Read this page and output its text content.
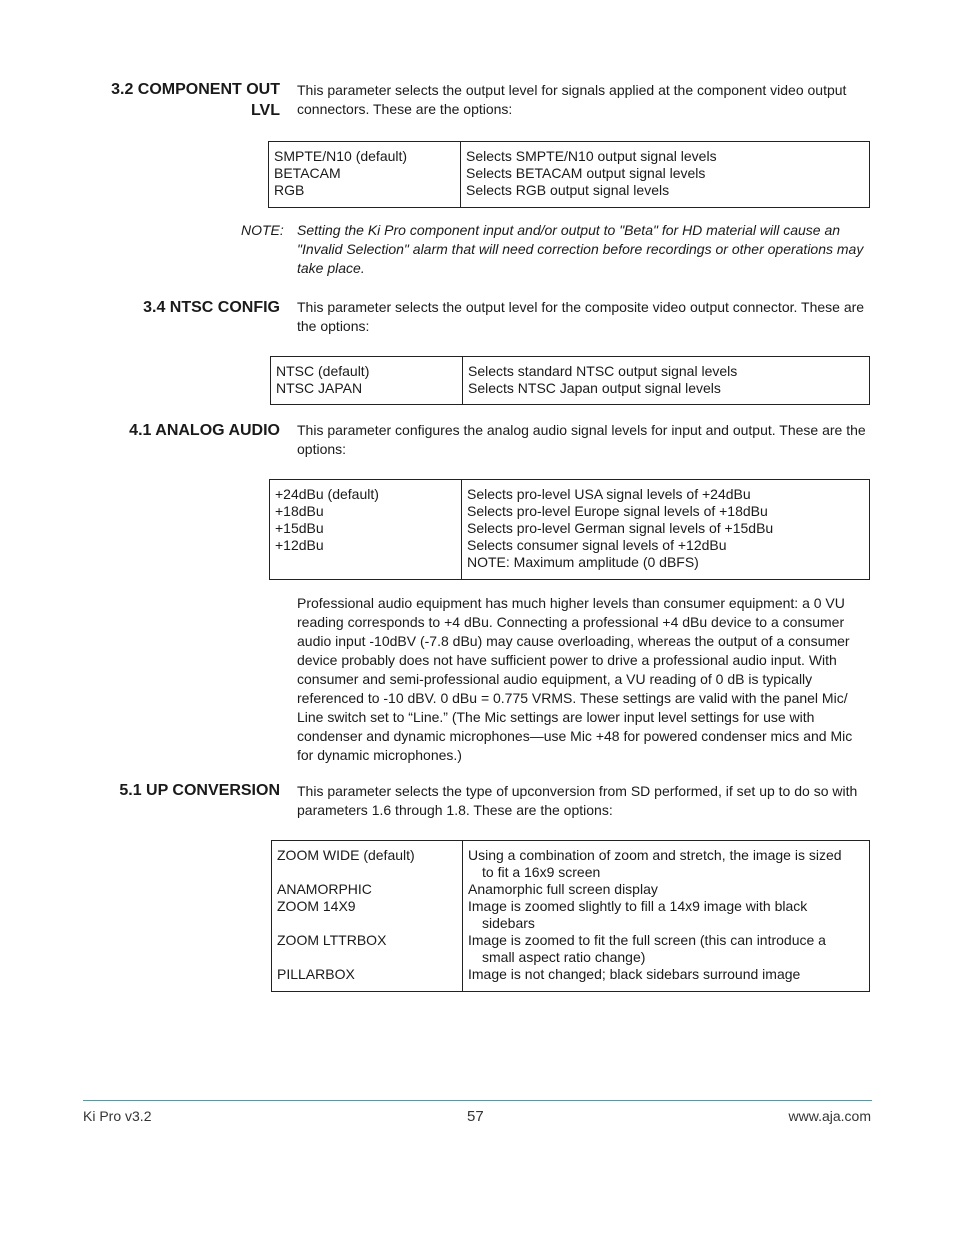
3.2 COMPONENT OUT
LVL
This parameter selects the output level for signals applied at the component video output connectors. These are the options:
SMPTE/N10 (default)
BETACAM
RGB
Selects SMPTE/N10 output signal levels
Selects BETACAM output signal levels
Selects RGB output signal levels
NOTE: Setting the Ki Pro component input and/or output to "Beta" for HD material will cause an "Invalid Selection" alarm that will need correction before recordings or other operations may take place.
3.4 NTSC CONFIG This parameter selects the output level for the composite video output connector. These are the options:
NTSC (default)
NTSC JAPAN
Selects standard NTSC output signal levels
Selects NTSC Japan output signal levels
4.1 ANALOG AUDIO This parameter configures the analog audio signal levels for input and output. These are the options:
+24dBu (default)
+18dBu
+15dBu
+12dBu
Selects pro-level USA signal levels of +24dBu
Selects pro-level Europe signal levels of +18dBu
Selects pro-level German signal levels of +15dBu
Selects consumer signal levels of +12dBu
NOTE: Maximum amplitude (0 dBFS)
Professional audio equipment has much higher levels than consumer equipment: a 0 VU reading corresponds to +4 dBu. Connecting a professional +4 dBu device to a consumer audio input -10dBV (-7.8 dBu) may cause overloading, whereas the output of a consumer device probably does not have sufficient power to drive a professional audio input. With consumer and semi-professional audio equipment, a VU reading of 0 dB is typically referenced to -10 dBV. 0 dBu = 0.775 VRMS. These settings are valid with the panel Mic/ Line switch set to “Line.” (The Mic settings are lower input level settings for use with condenser and dynamic microphones—use Mic +48 for powered condenser mics and Mic for dynamic microphones.)
5.1 UP CONVERSION This parameter selects the type of upconversion from SD performed, if set up to do so with parameters 1.6 through 1.8. These are the options:
ZOOM WIDE (default)

ANAMORPHIC
ZOOM 14X9

ZOOM LTTRBOX

PILLARBOX
Using a combination of zoom and stretch, the image is sized
to fit a 16x9 screen
Anamorphic full screen display
Image is zoomed slightly to fill a 14x9 image with black
sidebars
Image is zoomed to fit the full screen (this can introduce a
small aspect ratio change)
Image is not changed; black sidebars surround image
Ki Pro v3.2	57	www.aja.com
